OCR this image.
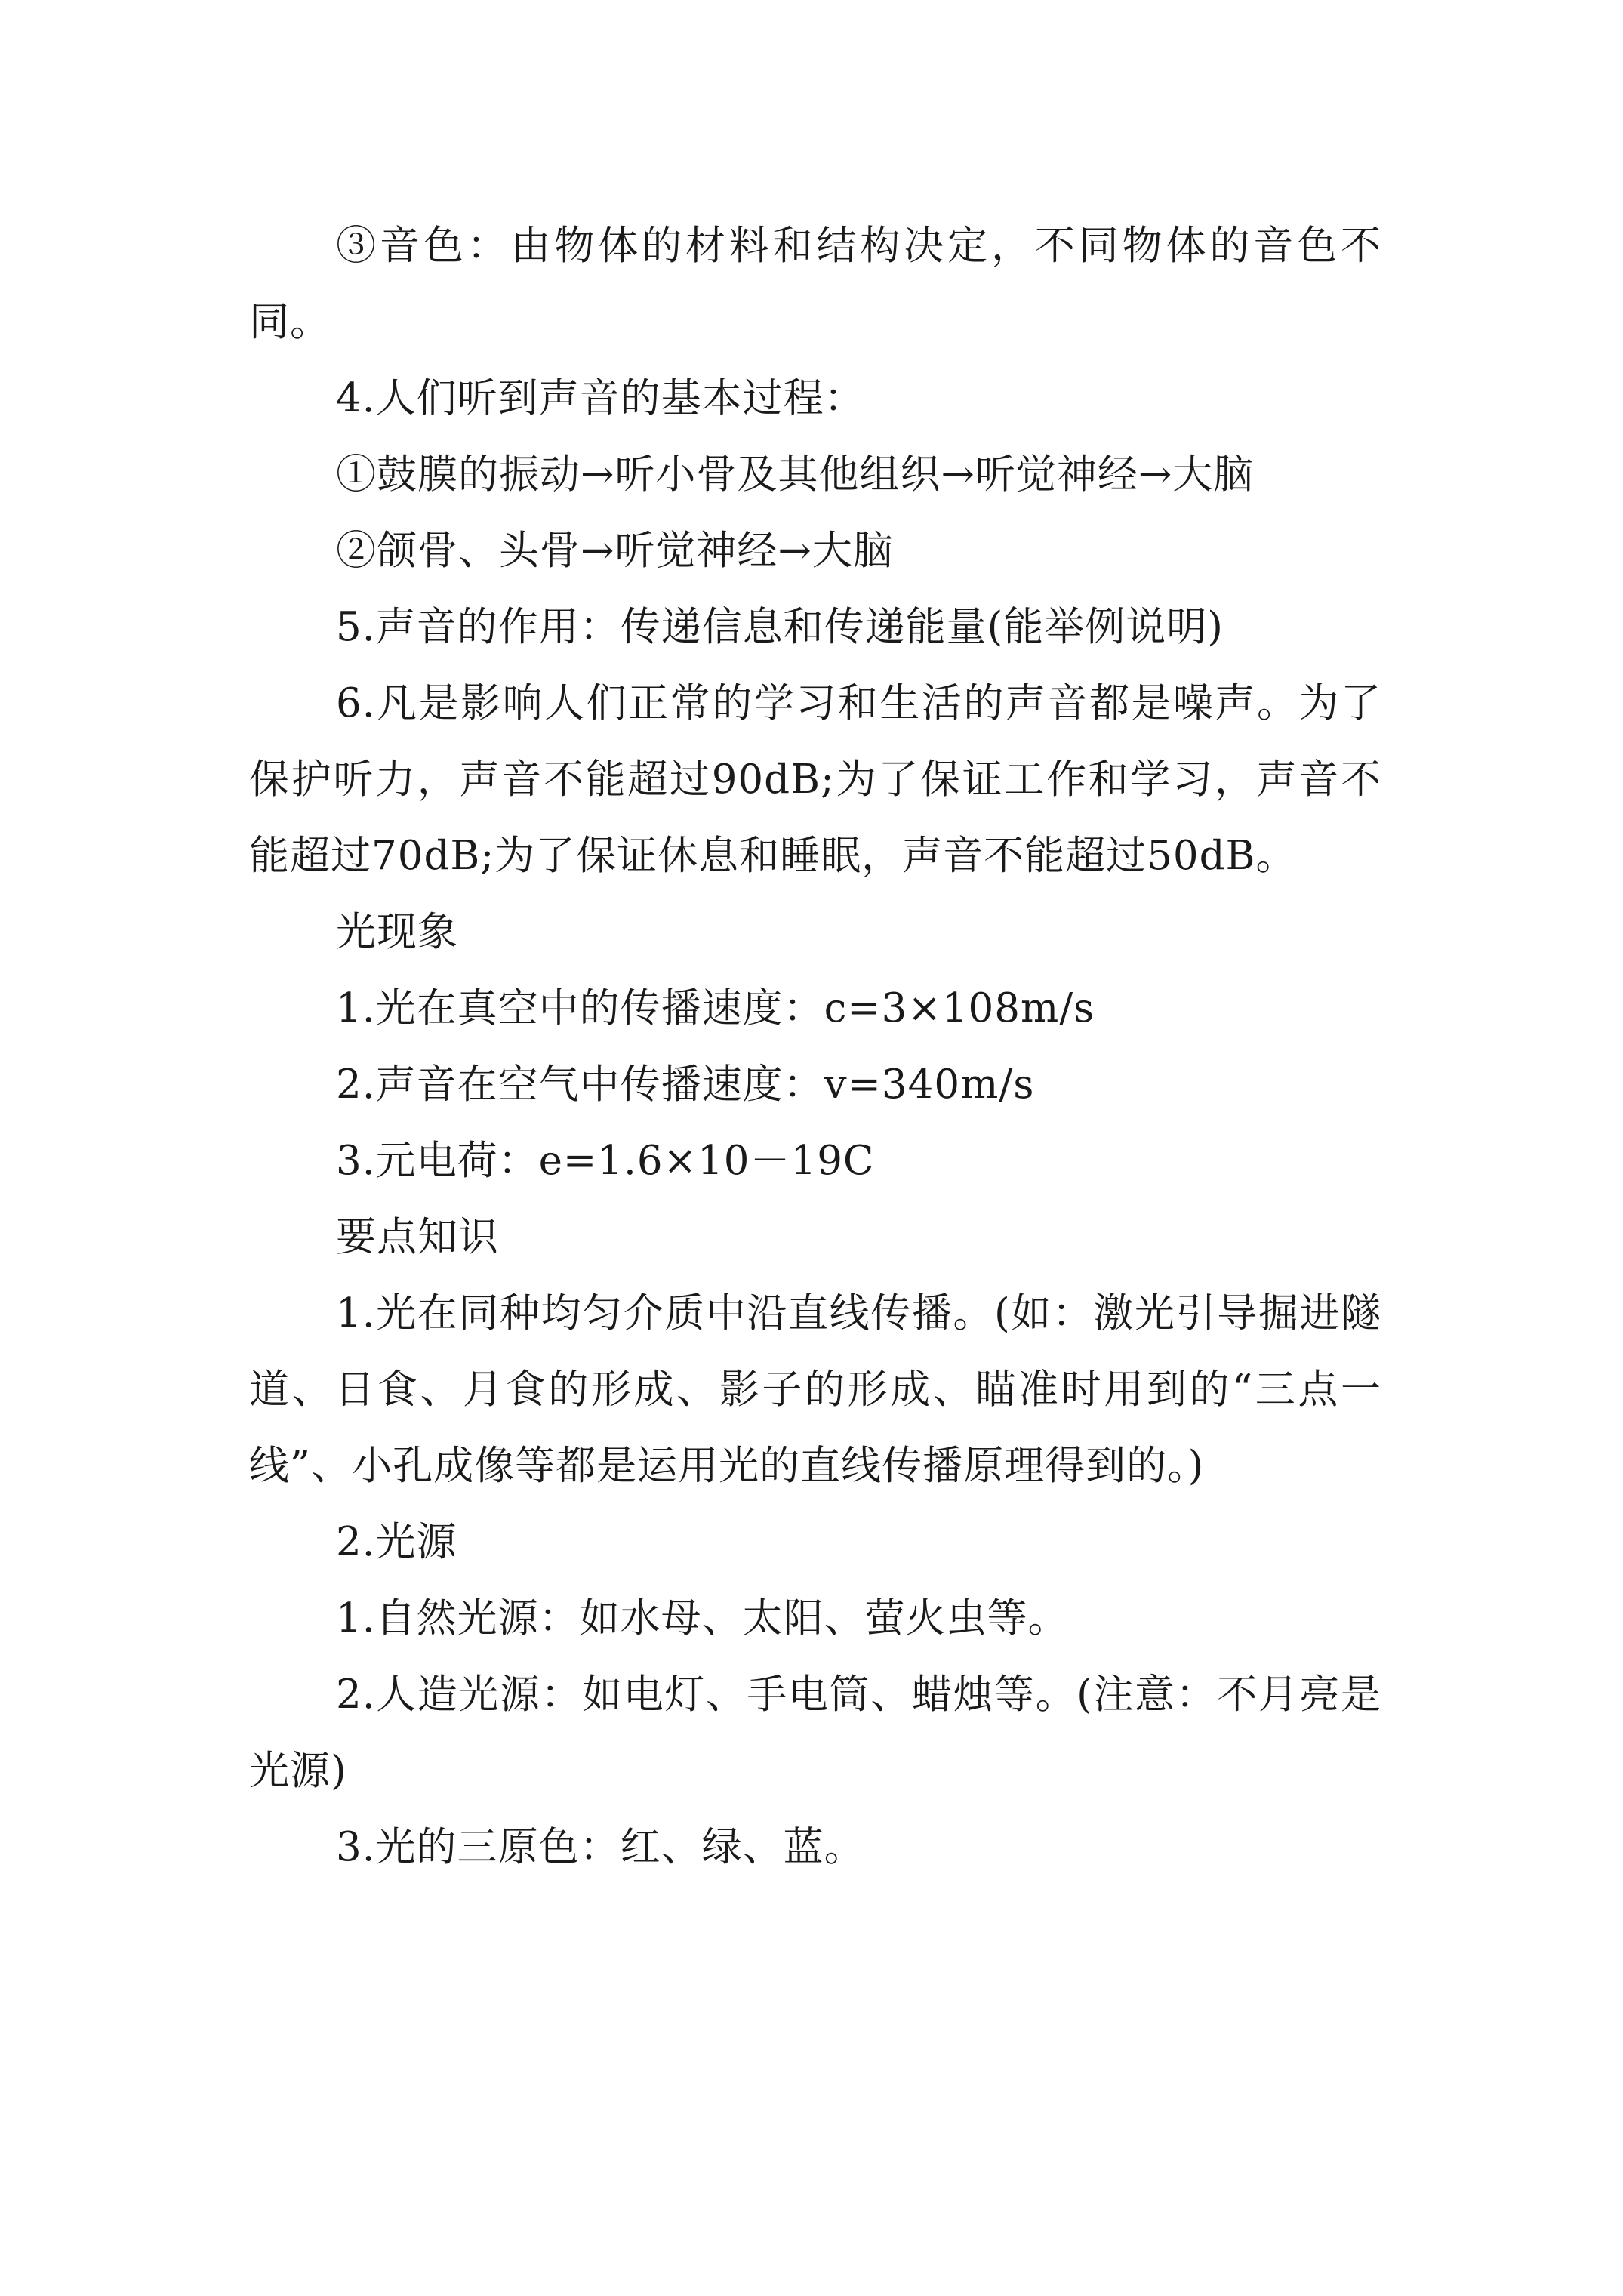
③音色：由物体的材料和结构决定，不同物体的音色不同。

4.人们听到声音的基本过程：

①鼓膜的振动→听小骨及其他组织→听觉神经→大脑

②颌骨、头骨→听觉神经→大脑

5.声音的作用：传递信息和传递能量(能举例说明)

6.凡是影响人们正常的学习和生活的声音都是噪声。为了保护听力，声音不能超过90dB;为了保证工作和学习，声音不能超过70dB;为了保证休息和睡眠，声音不能超过50dB。

光现象

1.光在真空中的传播速度：c=3×108m/s

2.声音在空气中传播速度：v=340m/s

3.元电荷：e=1.6×10－19C

要点知识

1.光在同种均匀介质中沿直线传播。(如：激光引导掘进隧道、日食、月食的形成、影子的形成、瞄准时用到的“三点一线”、小孔成像等都是运用光的直线传播原理得到的。)

2.光源

1.自然光源：如水母、太阳、萤火虫等。

2.人造光源：如电灯、手电筒、蜡烛等。(注意：不月亮是光源)

3.光的三原色：红、绿、蓝。
